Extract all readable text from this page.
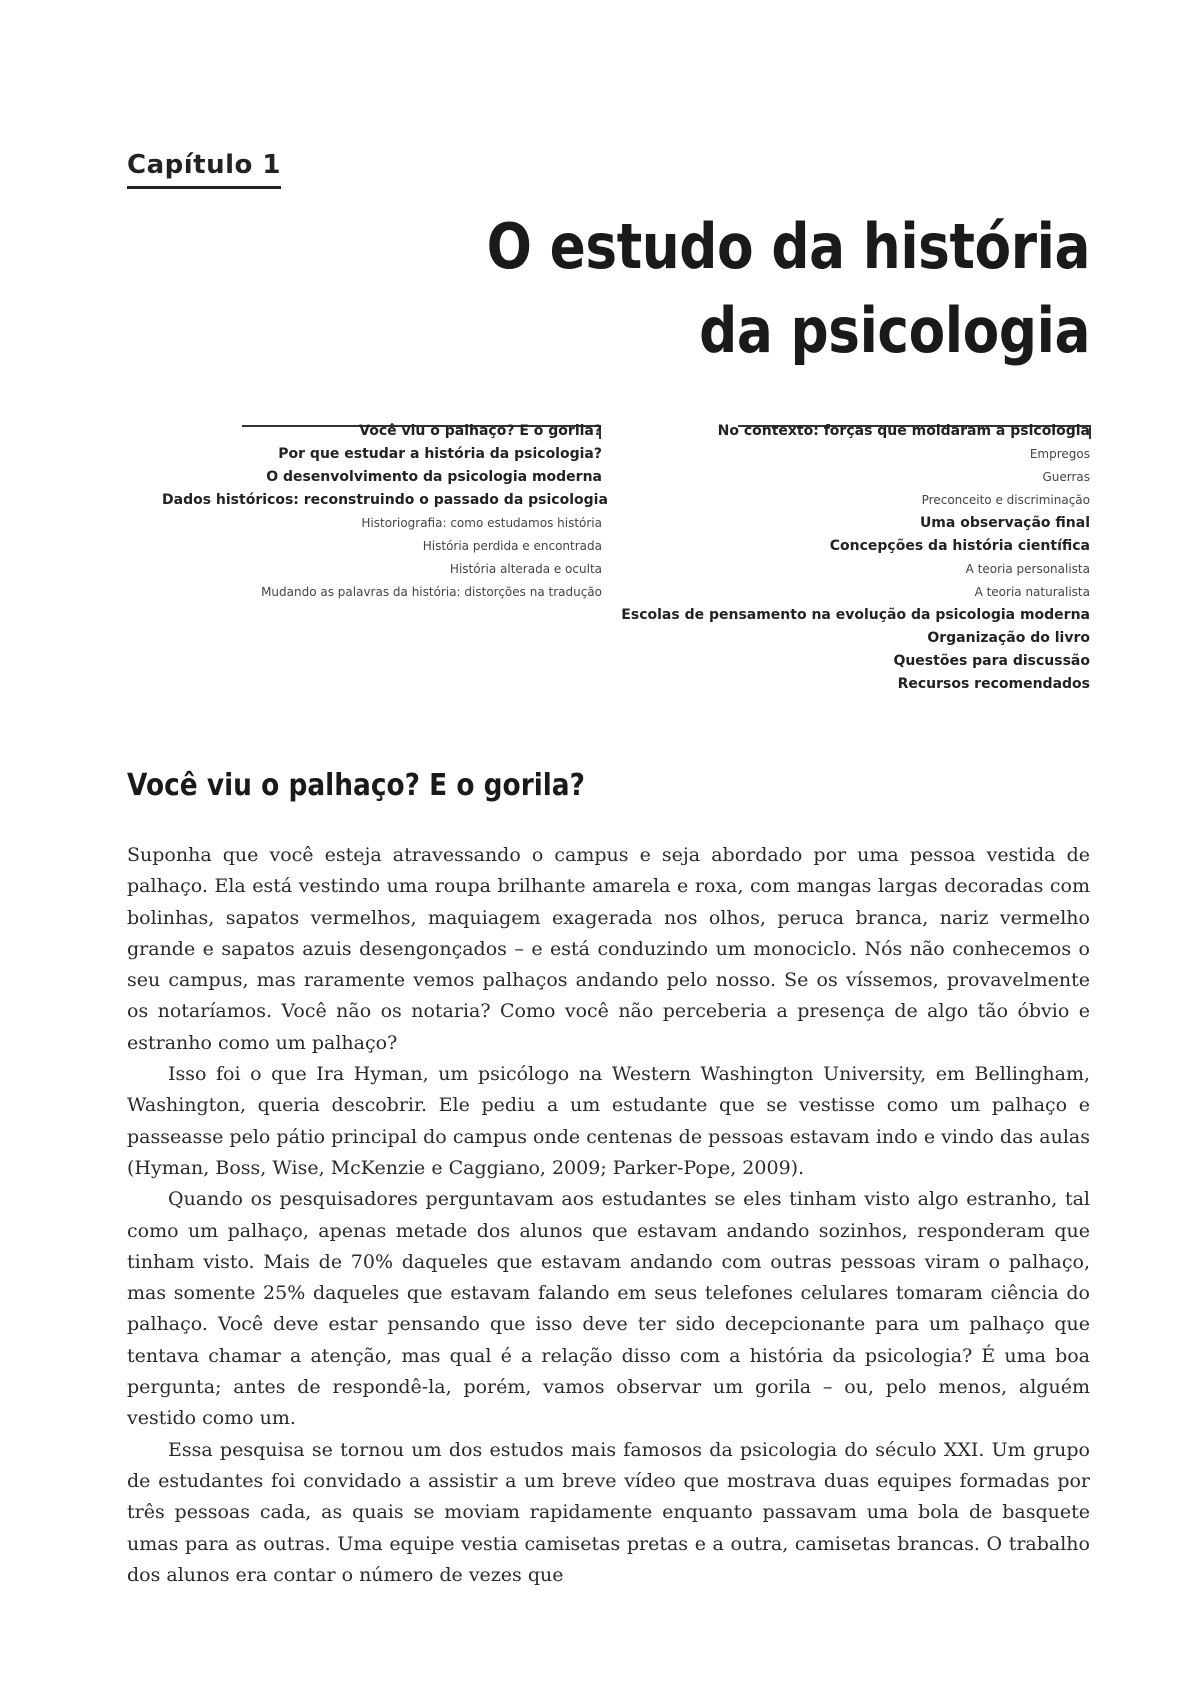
Capítulo 1
O estudo da história
da psicologia
Você viu o palhaço? E o gorila?
Por que estudar a história da psicologia?
O desenvolvimento da psicologia moderna
Dados históricos: reconstruindo o passado da psicologia
Historiografia: como estudamos história
História perdida e encontrada
História alterada e oculta
Mudando as palavras da história: distorções na tradução
No contexto: forças que moldaram a psicologia
Empregos
Guerras
Preconceito e discriminação
Uma observação final
Concepções da história científica
A teoria personalista
A teoria naturalista
Escolas de pensamento na evolução da psicologia moderna
Organização do livro
Questões para discussão
Recursos recomendados
Você viu o palhaço? E o gorila?

Suponha que você esteja atravessando o campus e seja abordado por uma pessoa vestida de palhaço. Ela está vestindo uma roupa brilhante amarela e roxa, com mangas largas decoradas com bolinhas, sapatos vermelhos, maquiagem exagerada nos olhos, peruca branca, nariz vermelho grande e sapatos azuis desengonçados – e está conduzindo um monociclo. Nós não conhecemos o seu campus, mas raramente vemos palhaços andando pelo nosso. Se os víssemos, provavelmente os notaríamos. Você não os notaria? Como você não perceberia a presença de algo tão óbvio e estranho como um palhaço?

Isso foi o que Ira Hyman, um psicólogo na Western Washington University, em Bellingham, Washington, queria descobrir. Ele pediu a um estudante que se vestisse como um palhaço e passeasse pelo pátio principal do campus onde centenas de pessoas estavam indo e vindo das aulas (Hyman, Boss, Wise, McKenzie e Caggiano, 2009; Parker-Pope, 2009).

Quando os pesquisadores perguntavam aos estudantes se eles tinham visto algo estranho, tal como um palhaço, apenas metade dos alunos que estavam andando sozinhos, responderam que tinham visto. Mais de 70% daqueles que estavam andando com outras pessoas viram o palhaço, mas somente 25% daqueles que estavam falando em seus telefones celulares tomaram ciência do palhaço. Você deve estar pensando que isso deve ter sido decepcionante para um palhaço que tentava chamar a atenção, mas qual é a relação disso com a história da psicologia? É uma boa pergunta; antes de respondê-la, porém, vamos observar um gorila – ou, pelo menos, alguém vestido como um.

Essa pesquisa se tornou um dos estudos mais famosos da psicologia do século XXI. Um grupo de estudantes foi convidado a assistir a um breve vídeo que mostrava duas equipes formadas por três pessoas cada, as quais se moviam rapidamente enquanto passavam uma bola de basquete umas para as outras. Uma equipe vestia camisetas pretas e a outra, camisetas brancas. O trabalho dos alunos era contar o número de vezes que
